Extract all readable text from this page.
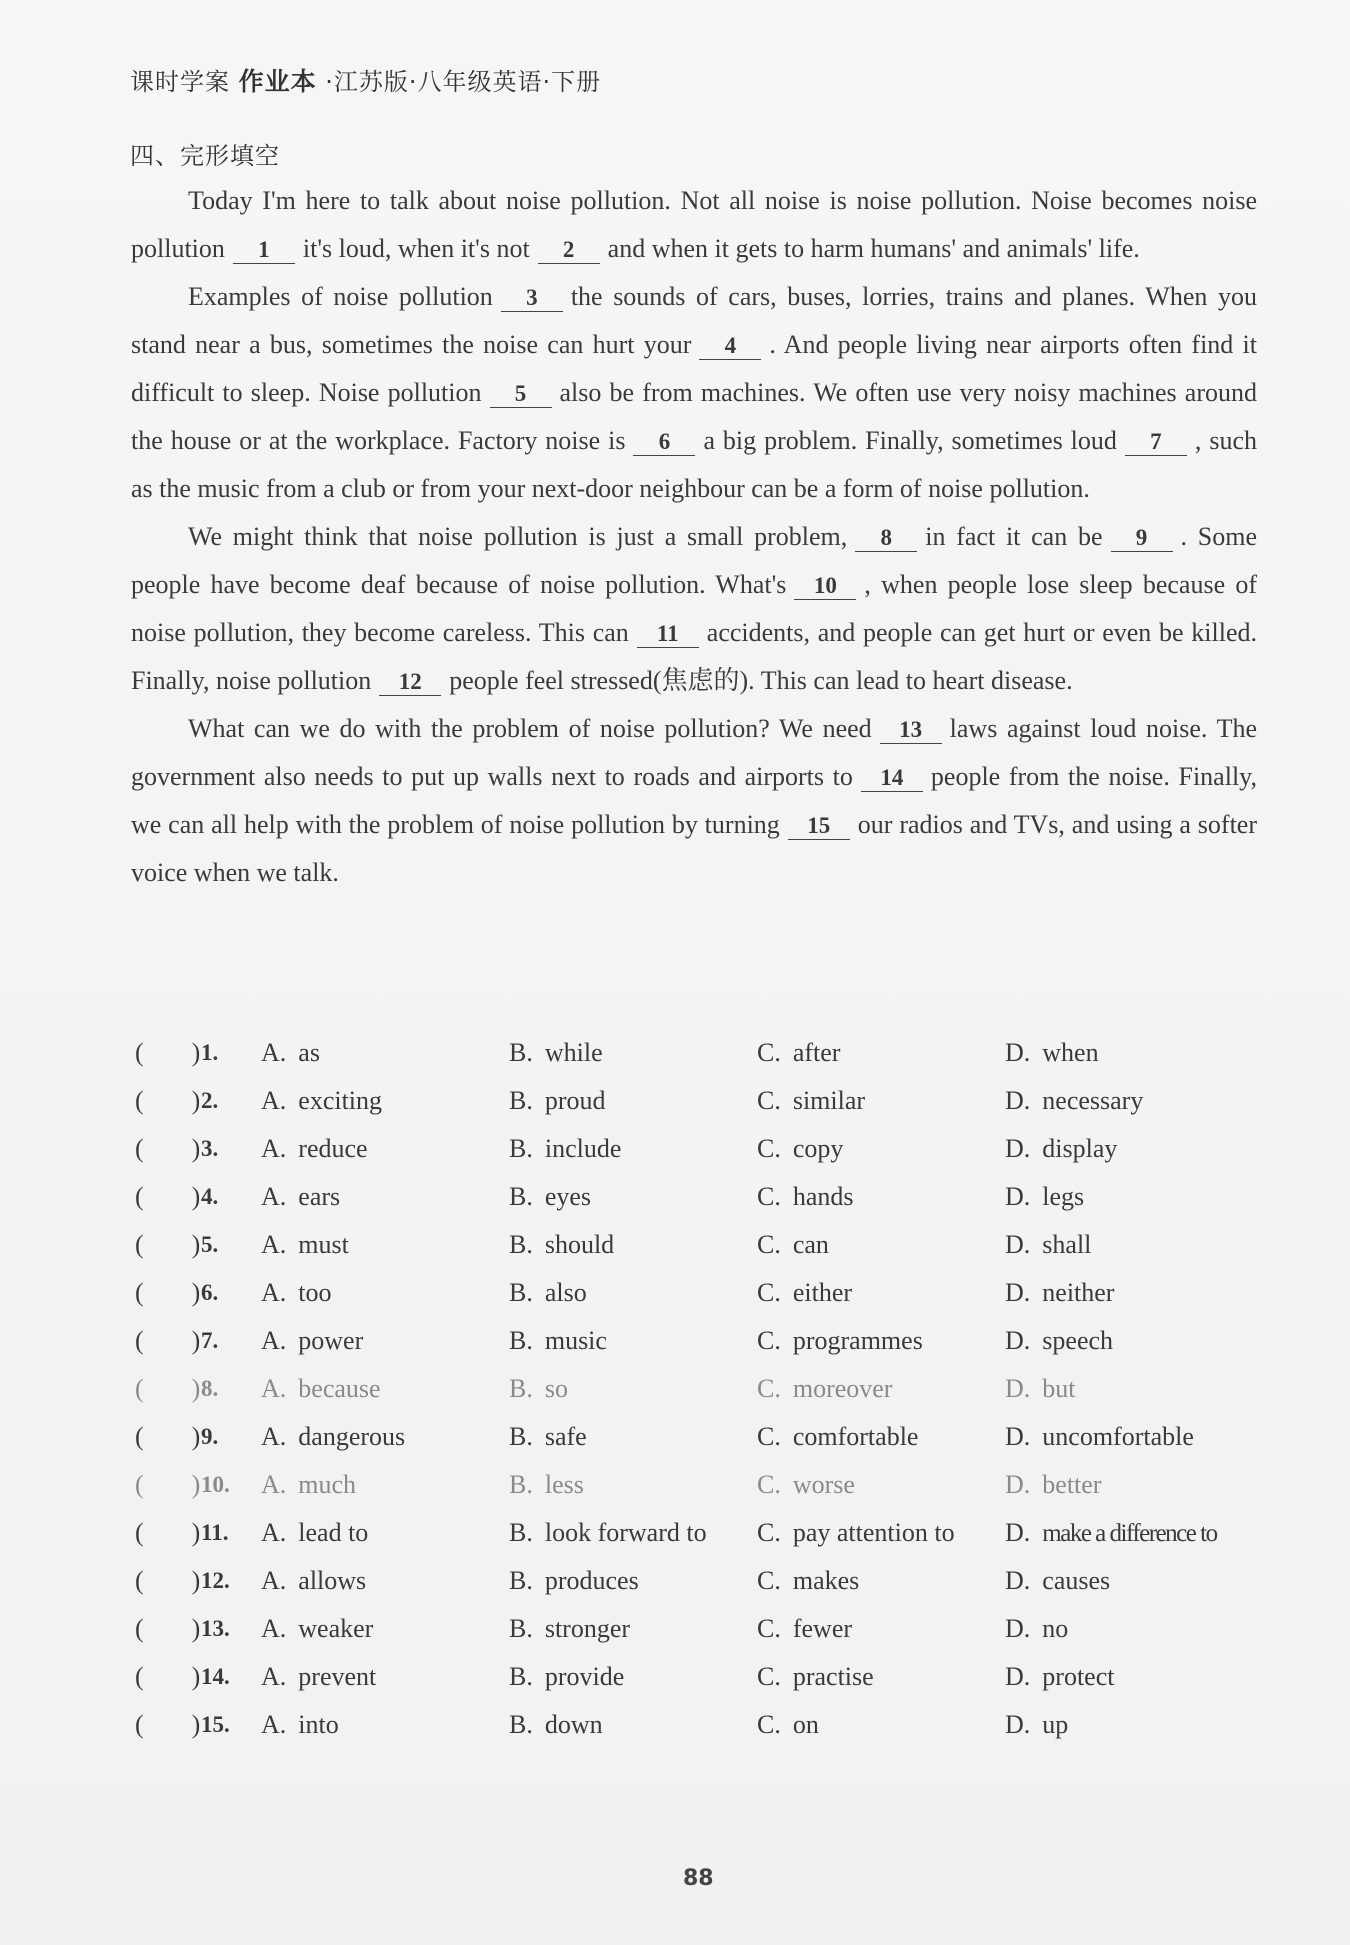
课时学案 作业本 ·江苏版·八年级英语·下册
四、完形填空

Today I'm here to talk about noise pollution. Not all noise is noise pollution. Noise becomes noise pollution 1 it's loud, when it's not 2 and when it gets to harm humans' and animals' life.

Examples of noise pollution 3 the sounds of cars, buses, lorries, trains and planes. When you stand near a bus, sometimes the noise can hurt your 4 . And people living near airports often find it difficult to sleep. Noise pollution 5 also be from machines. We often use very noisy machines around the house or at the workplace. Factory noise is 6 a big problem. Finally, sometimes loud 7 , such as the music from a club or from your next-door neighbour can be a form of noise pollution.

We might think that noise pollution is just a small problem, 8 in fact it can be 9 . Some people have become deaf because of noise pollution. What's 10 , when people lose sleep because of noise pollution, they become careless. This can 11 accidents, and people can get hurt or even be killed. Finally, noise pollution 12 people feel stressed(焦虑的). This can lead to heart disease.

What can we do with the problem of noise pollution? We need 13 laws against loud noise. The government also needs to put up walls next to roads and airports to 14 people from the noise. Finally, we can all help with the problem of noise pollution by turning 15 our radios and TVs, and using a softer voice when we talk.

( ) 1. A. as	B. while	C. after	D. when
( ) 2. A. exciting	B. proud	C. similar	D. necessary
( ) 3. A. reduce	B. include	C. copy	D. display
( ) 4. A. ears	B. eyes	C. hands	D. legs
( ) 5. A. must	B. should	C. can	D. shall
( ) 6. A. too	B. also	C. either	D. neither
( ) 7. A. power	B. music	C. programmes	D. speech
( ) 8. A. because	B. so	C. moreover	D. but
( ) 9. A. dangerous	B. safe	C. comfortable	D. uncomfortable
( ) 10. A. much	B. less	C. worse	D. better
( ) 11. A. lead to	B. look forward to C. pay attention to D. make a difference to
( ) 12. A. allows	B. produces	C. makes	D. causes
( ) 13. A. weaker	B. stronger	C. fewer	D. no
( ) 14. A. prevent	B. provide	C. practise	D. protect
( ) 15. A. into	B. down	C. on	D. up
88
